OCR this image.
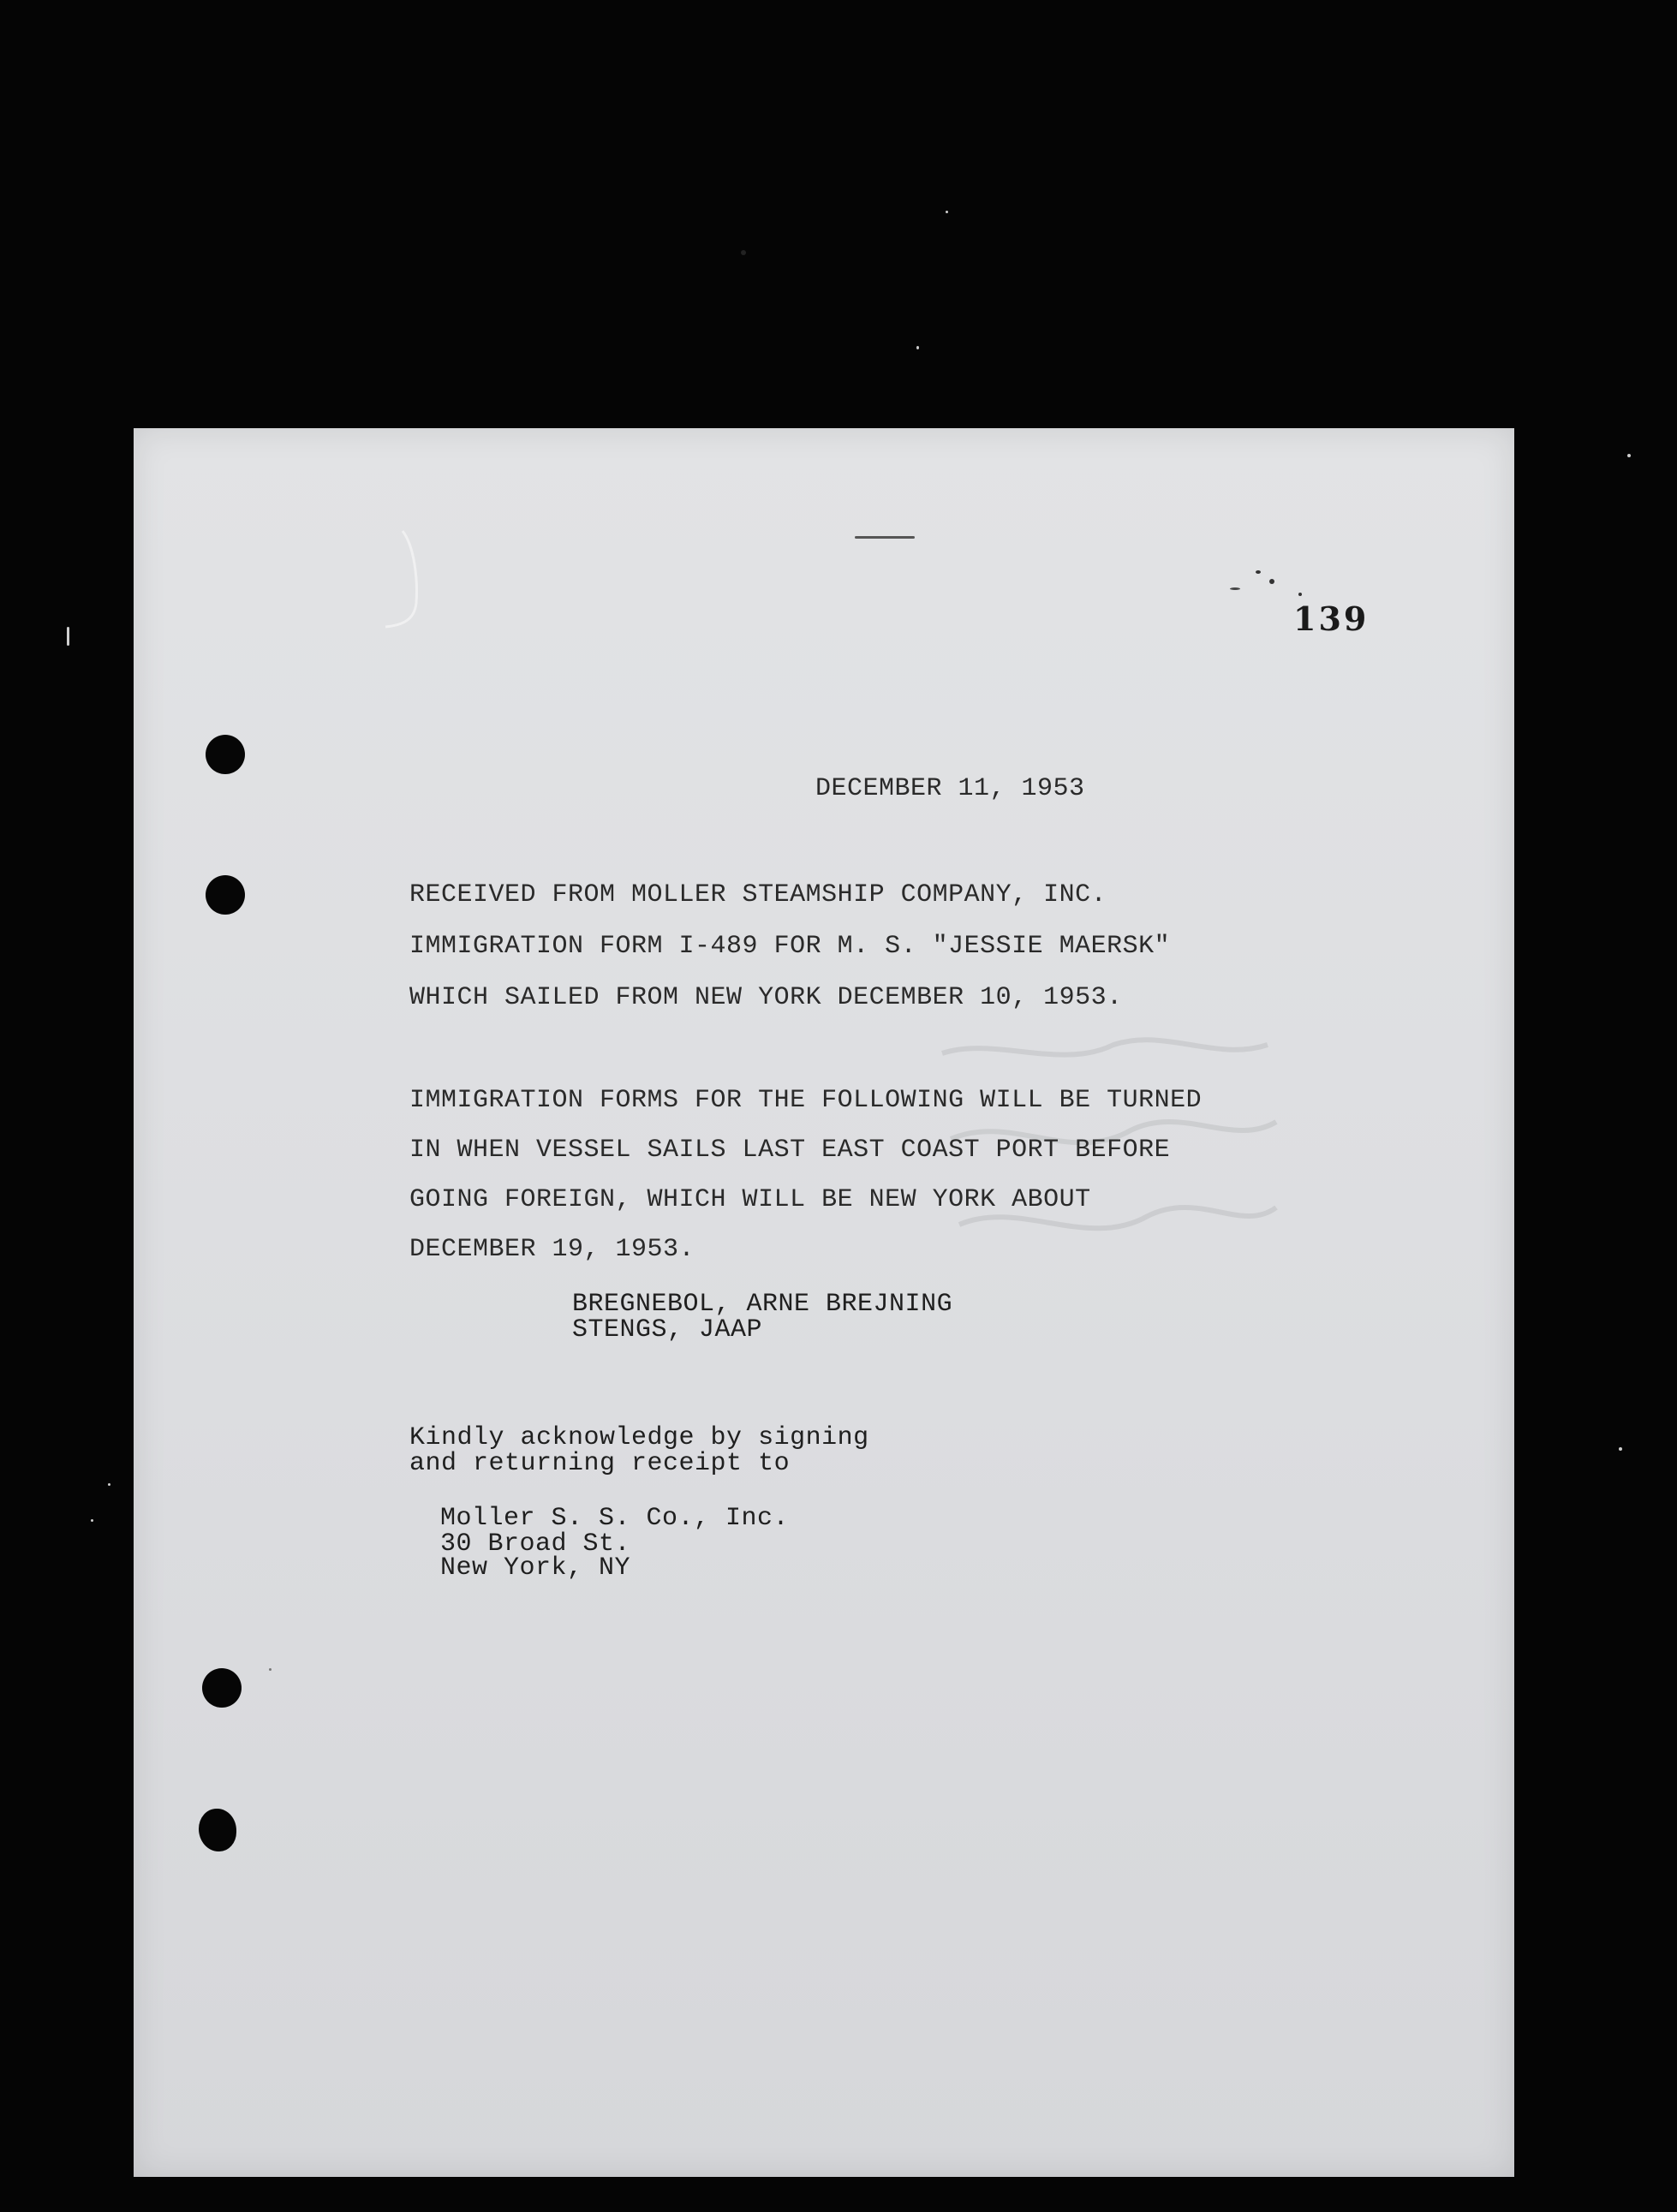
139
DECEMBER 11, 1953
RECEIVED FROM MOLLER STEAMSHIP COMPANY, INC.
IMMIGRATION FORM I-489 FOR M. S. "JESSIE MAERSK"
WHICH SAILED FROM NEW YORK DECEMBER 10, 1953.
IMMIGRATION FORMS FOR THE FOLLOWING WILL BE TURNED
IN WHEN VESSEL SAILS LAST EAST COAST PORT BEFORE
GOING FOREIGN, WHICH WILL BE NEW YORK ABOUT
DECEMBER 19, 1953.
BREGNEBOL, ARNE BREJNING
STENGS, JAAP
Kindly acknowledge by signing
and returning receipt to
Moller S. S. Co., Inc.
30 Broad St.
New York, NY
